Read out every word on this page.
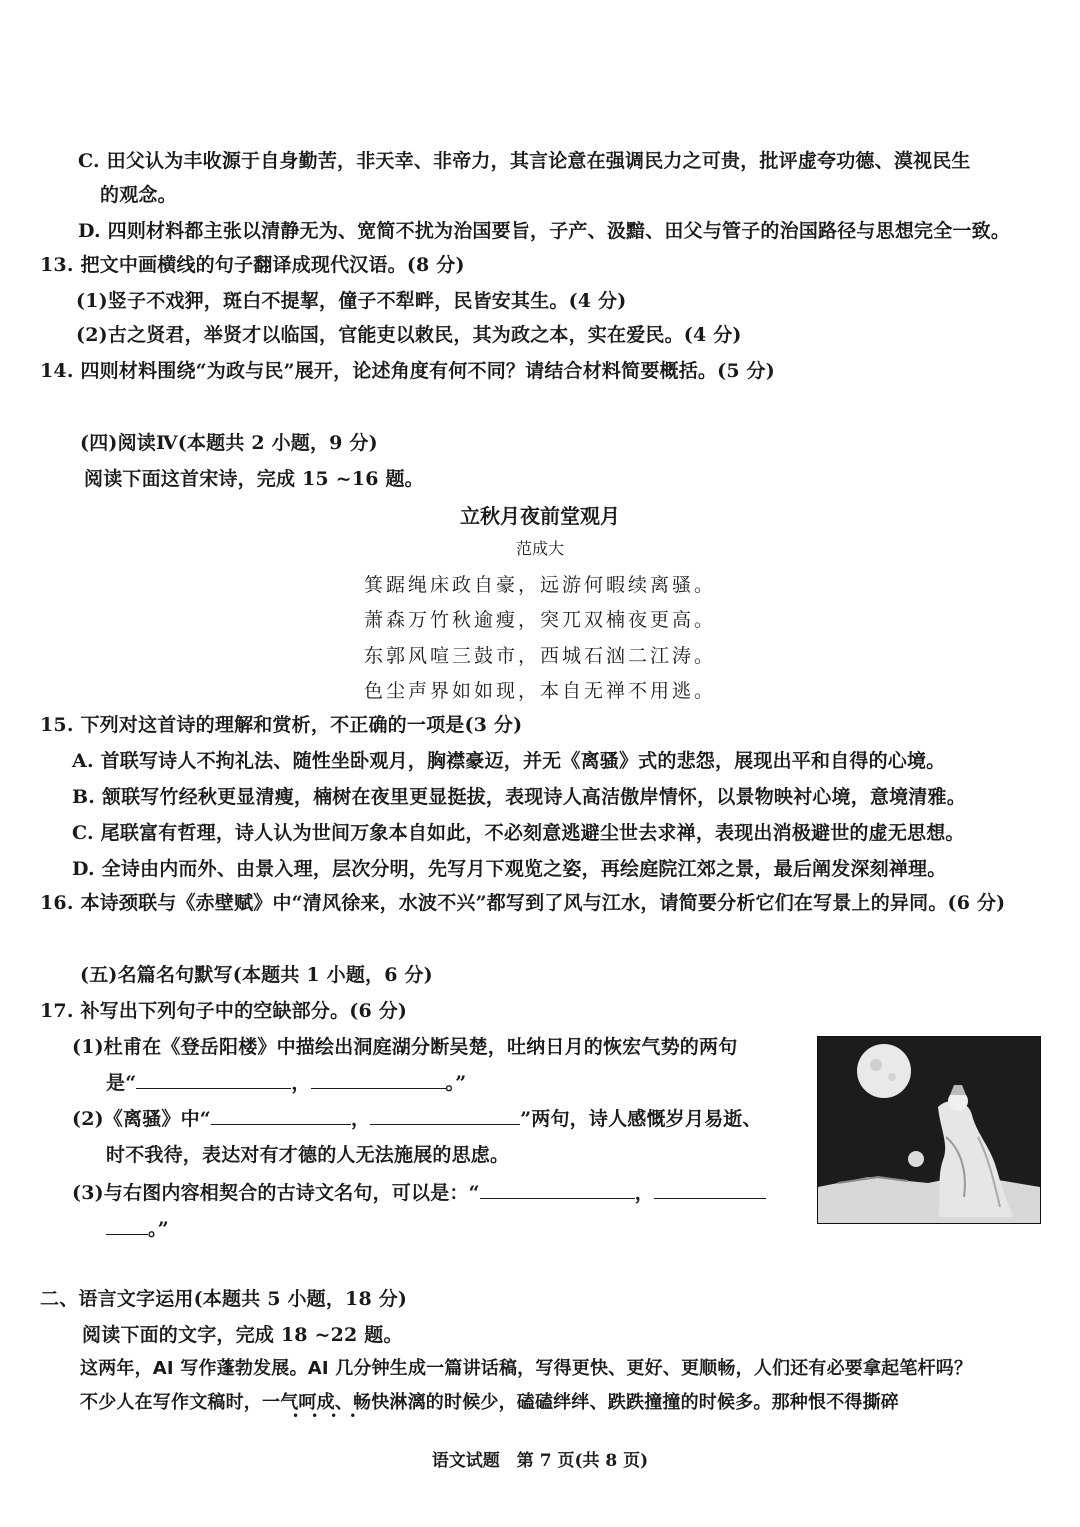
C. 田父认为丰收源于自身勤苦，非天幸、非帝力，其言论意在强调民力之可贵，批评虚夸功德、漠视民生
的观念。
D. 四则材料都主张以清静无为、宽简不扰为治国要旨，子产、汲黯、田父与管子的治国路径与思想完全一致。
13. 把文中画横线的句子翻译成现代汉语。(8 分)
(1)竖子不戏狎，斑白不提挈，僮子不犁畔，民皆安其生。(4 分)
(2)古之贤君，举贤才以临国，官能吏以敕民，其为政之本，实在爱民。(4 分)
14. 四则材料围绕“为政与民”展开，论述角度有何不同？请结合材料简要概括。(5 分)
(四)阅读Ⅳ(本题共 2 小题，9 分)
阅读下面这首宋诗，完成 15 ~16 题。
立秋月夜前堂观月
范成大
箕踞绳床政自豪，远游何暇续离骚。
萧森万竹秋逾瘦，突兀双楠夜更高。
东郭风喧三鼓市，西城石汹二江涛。
色尘声界如如现，本自无禅不用逃。
15. 下列对这首诗的理解和赏析，不正确的一项是(3 分)
A. 首联写诗人不拘礼法、随性坐卧观月，胸襟豪迈，并无《离骚》式的悲怨，展现出平和自得的心境。
B. 颔联写竹经秋更显清瘦，楠树在夜里更显挺拔，表现诗人高洁傲岸情怀，以景物映衬心境，意境清雅。
C. 尾联富有哲理，诗人认为世间万象本自如此，不必刻意逃避尘世去求禅，表现出消极避世的虚无思想。
D. 全诗由内而外、由景入理，层次分明，先写月下观览之姿，再绘庭院江郊之景，最后阐发深刻禅理。
16. 本诗颈联与《赤壁赋》中“清风徐来，水波不兴”都写到了风与江水，请简要分析它们在写景上的异同。(6 分)
(五)名篇名句默写(本题共 1 小题，6 分)
17. 补写出下列句子中的空缺部分。(6 分)
(1)杜甫在《登岳阳楼》中描绘出洞庭湖分断吴楚，吐纳日月的恢宏气势的两句
是“	，	。”
(2)《离骚》中“	，	”两句，诗人感慨岁月易逝、
时不我待，表达对有才德的人无法施展的思虑。
(3)与右图内容相契合的古诗文名句，可以是：“	，
。”
二、语言文字运用(本题共 5 小题，18 分)
阅读下面的文字，完成 18 ~22 题。
这两年，AI 写作蓬勃发展。AI 几分钟生成一篇讲话稿，写得更快、更好、更顺畅，人们还有必要拿起笔杆吗？
不少人在写作文稿时，一气呵成、畅快淋漓的时候少，磕磕绊绊、跌跌撞撞的时候多。那种恨不得撕碎
••••
语文试题　第 7 页(共 8 页)
